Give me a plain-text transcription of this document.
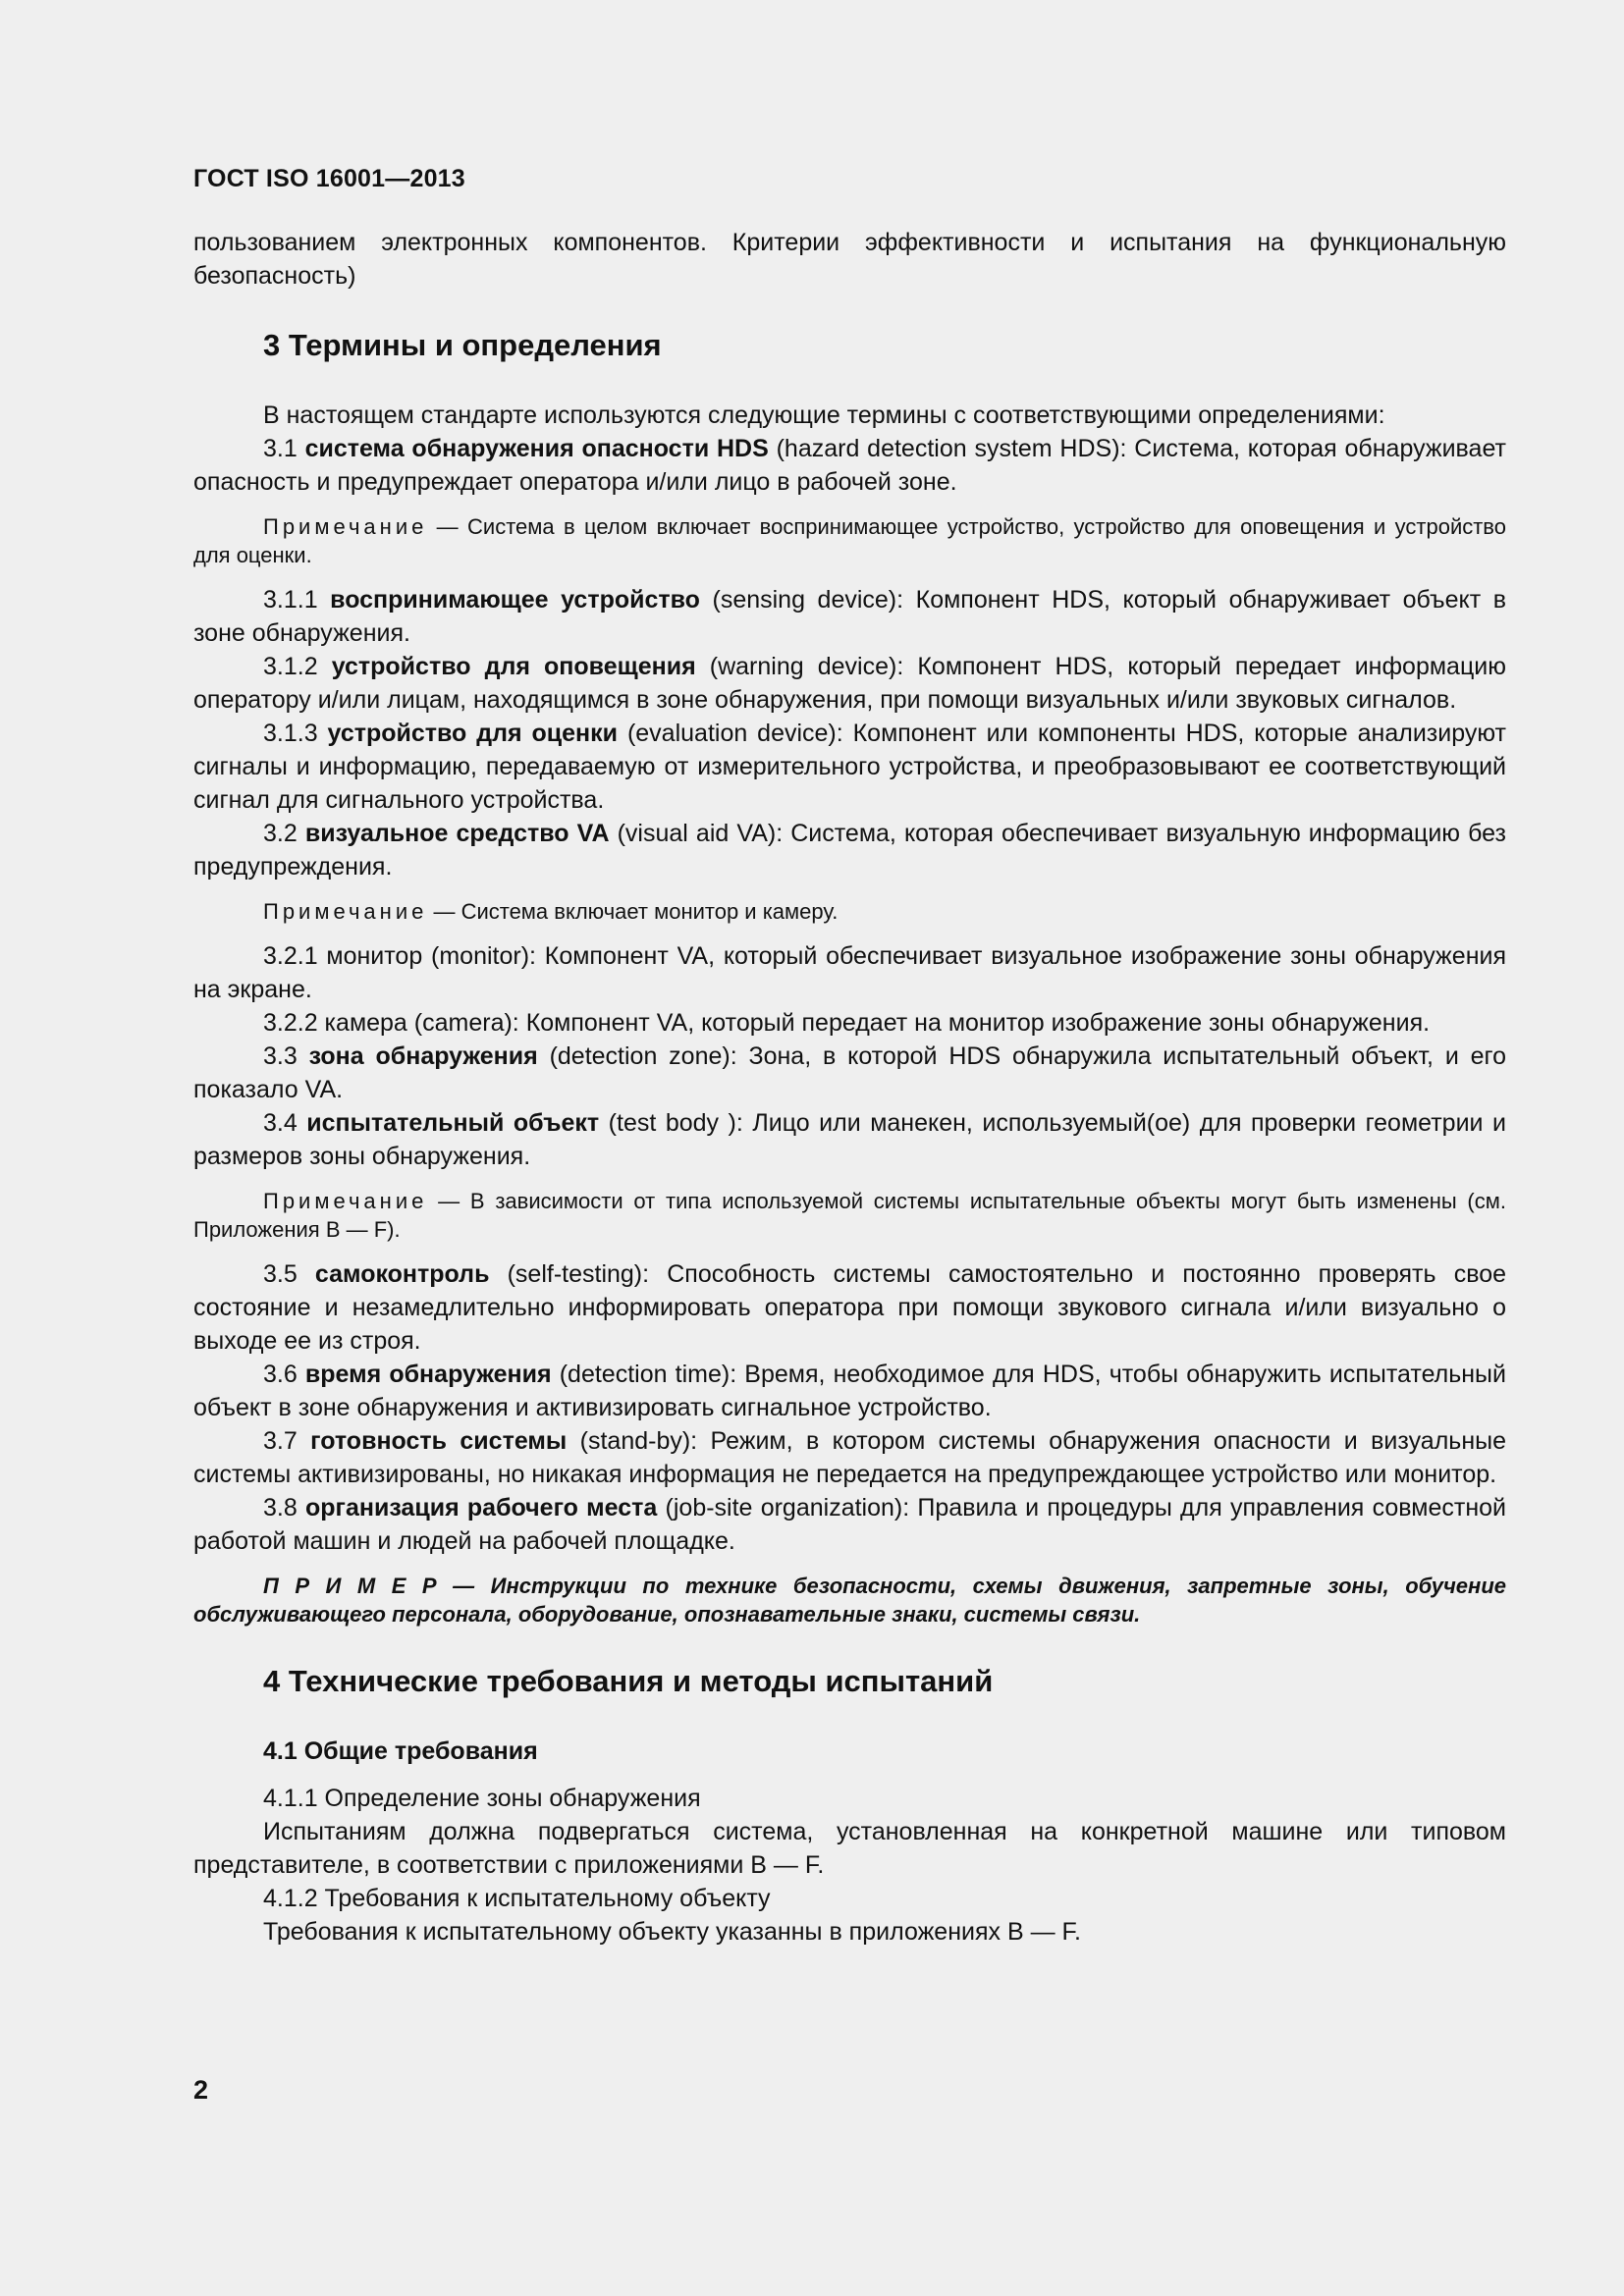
ГОСТ ISO 16001—2013

пользованием электронных компонентов. Критерии эффективности и испытания на функциональную безопасность)

3 Термины и определения

В настоящем стандарте используются следующие термины с соответствующими определениями:

3.1 система обнаружения опасности HDS (hazard detection system HDS): Система, которая обнаруживает опасность и предупреждает оператора и/или лицо в рабочей зоне.

Примечание — Система в целом включает воспринимающее устройство, устройство для оповещения и устройство для оценки.

3.1.1 воспринимающее устройство (sensing device): Компонент HDS, который обнаруживает объект в зоне обнаружения.

3.1.2 устройство для оповещения (warning device): Компонент HDS, который передает информацию оператору и/или лицам, находящимся в зоне обнаружения, при помощи визуальных и/или звуковых сигналов.

3.1.3 устройство для оценки (evaluation device): Компонент или компоненты HDS, которые анализируют сигналы и информацию, передаваемую от измерительного устройства, и преобразовывают ее соответствующий сигнал для сигнального устройства.

3.2 визуальное средство VA (visual aid VA): Система, которая обеспечивает визуальную информацию без предупреждения.

Примечание — Система включает монитор и камеру.

3.2.1 монитор (monitor): Компонент VA, который обеспечивает визуальное изображение зоны обнаружения на экране.

3.2.2 камера (camera): Компонент VA, который передает на монитор изображение зоны обнаружения.

3.3 зона обнаружения (detection zone): Зона, в которой HDS обнаружила испытательный объект, и его показало VA.

3.4 испытательный объект (test body ): Лицо или манекен, используемый(ое) для проверки геометрии и размеров зоны обнаружения.

Примечание — В зависимости от типа используемой системы испытательные объекты могут быть изменены (см. Приложения B — F).

3.5 самоконтроль (self-testing): Способность системы самостоятельно и постоянно проверять свое состояние и незамедлительно информировать оператора при помощи звукового сигнала и/или визуально о выходе ее из строя.

3.6 время обнаружения (detection time): Время, необходимое для HDS, чтобы обнаружить испытательный объект в зоне обнаружения и активизировать сигнальное устройство.

3.7 готовность системы (stand-by): Режим, в котором системы обнаружения опасности и визуальные системы активизированы, но никакая информация не передается на предупреждающее устройство или монитор.

3.8 организация рабочего места (job-site organization): Правила и процедуры для управления совместной работой машин и людей на рабочей площадке.

П Р И М Е Р — Инструкции по технике безопасности, схемы движения, запретные зоны, обучение обслуживающего персонала, оборудование, опознавательные знаки, системы связи.

4 Технические требования и методы испытаний

4.1 Общие требования

4.1.1 Определение зоны обнаружения

Испытаниям должна подвергаться система, установленная на конкретной машине или типовом представителе, в соответствии с приложениями B — F.

4.1.2 Требования к испытательному объекту

Требования к испытательному объекту указанны в приложениях B — F.

2
